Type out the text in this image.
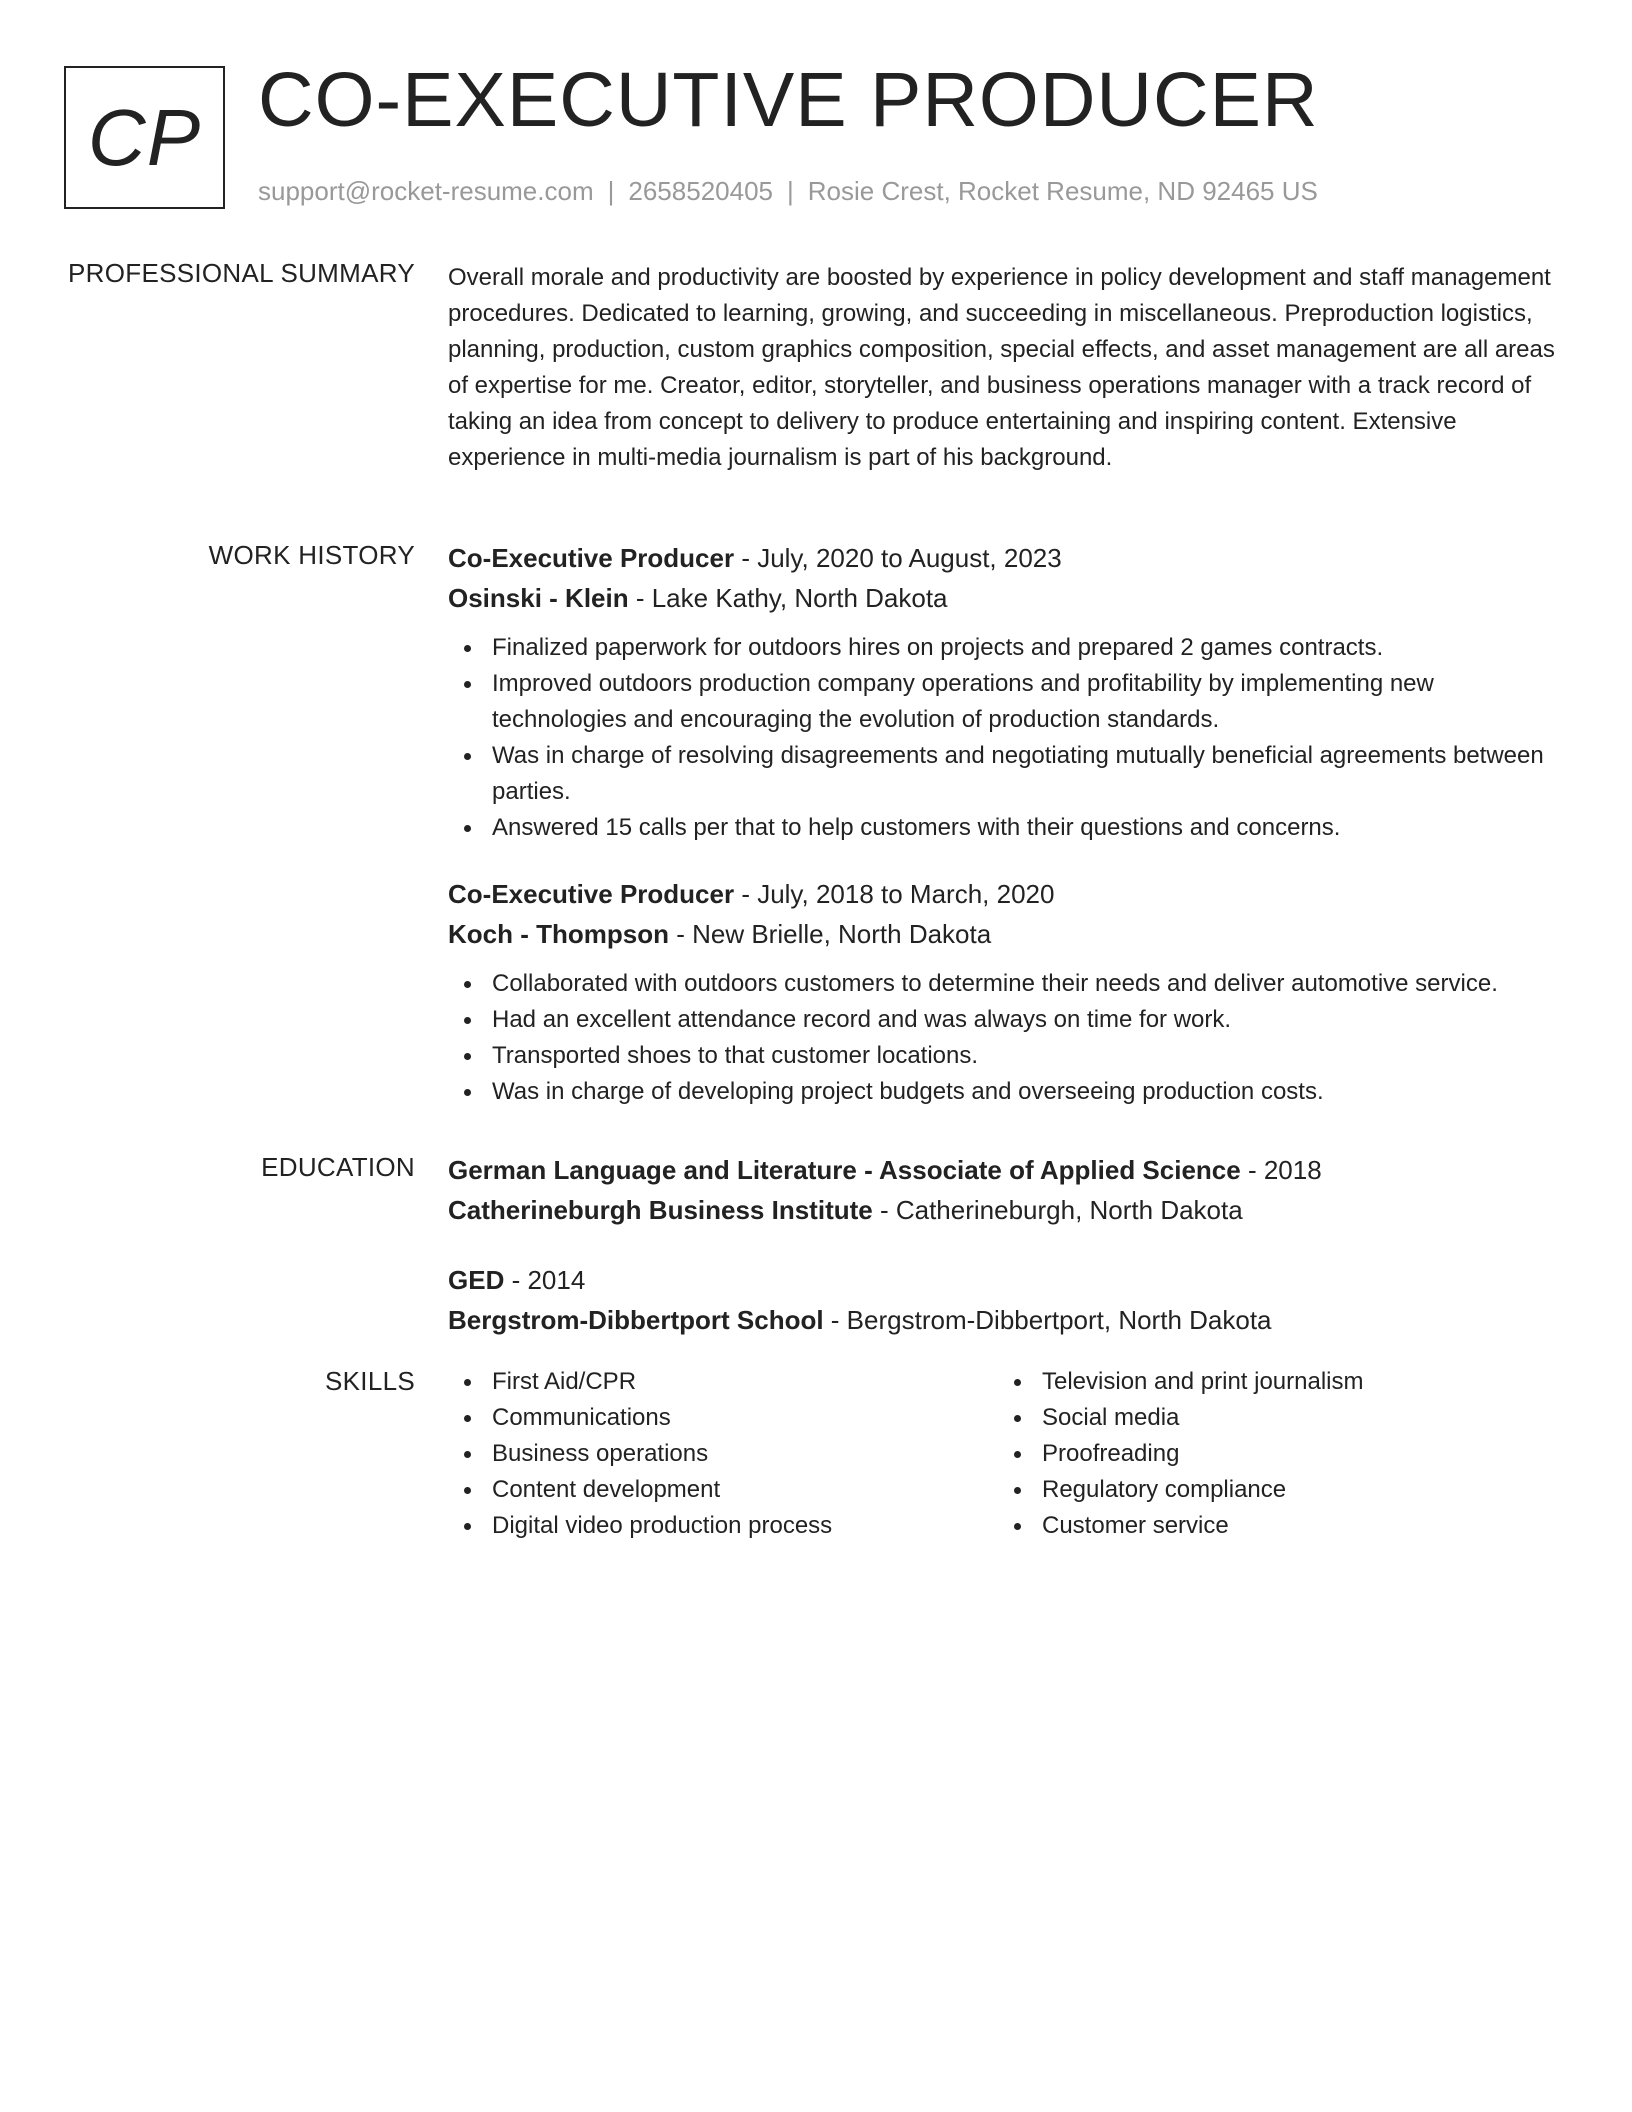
CP CO-EXECUTIVE PRODUCER
support@rocket-resume.com | 2658520405 | Rosie Crest, Rocket Resume, ND 92465 US
PROFESSIONAL SUMMARY Overall morale and productivity are boosted by experience in policy development and staff management procedures. Dedicated to learning, growing, and succeeding in miscellaneous. Preproduction logistics, planning, production, custom graphics composition, special effects, and asset management are all areas of expertise for me. Creator, editor, storyteller, and business operations manager with a track record of taking an idea from concept to delivery to produce entertaining and inspiring content. Extensive experience in multi-media journalism is part of his background.
WORK HISTORY Co-Executive Producer - July, 2020 to August, 2023
Osinski - Klein - Lake Kathy, North Dakota
Finalized paperwork for outdoors hires on projects and prepared 2 games contracts.
Improved outdoors production company operations and profitability by implementing new technologies and encouraging the evolution of production standards.
Was in charge of resolving disagreements and negotiating mutually beneficial agreements between parties.
Answered 15 calls per that to help customers with their questions and concerns.
Co-Executive Producer - July, 2018 to March, 2020
Koch - Thompson - New Brielle, North Dakota
Collaborated with outdoors customers to determine their needs and deliver automotive service.
Had an excellent attendance record and was always on time for work.
Transported shoes to that customer locations.
Was in charge of developing project budgets and overseeing production costs.
EDUCATION German Language and Literature - Associate of Applied Science - 2018
Catherineburgh Business Institute - Catherineburgh, North Dakota
GED - 2014
Bergstrom-Dibbertport School - Bergstrom-Dibbertport, North Dakota
SKILLS	First Aid/CPR
Communications
Business operations
Content development
Digital video production process
Television and print journalism
Social media
Proofreading
Regulatory compliance
Customer service
